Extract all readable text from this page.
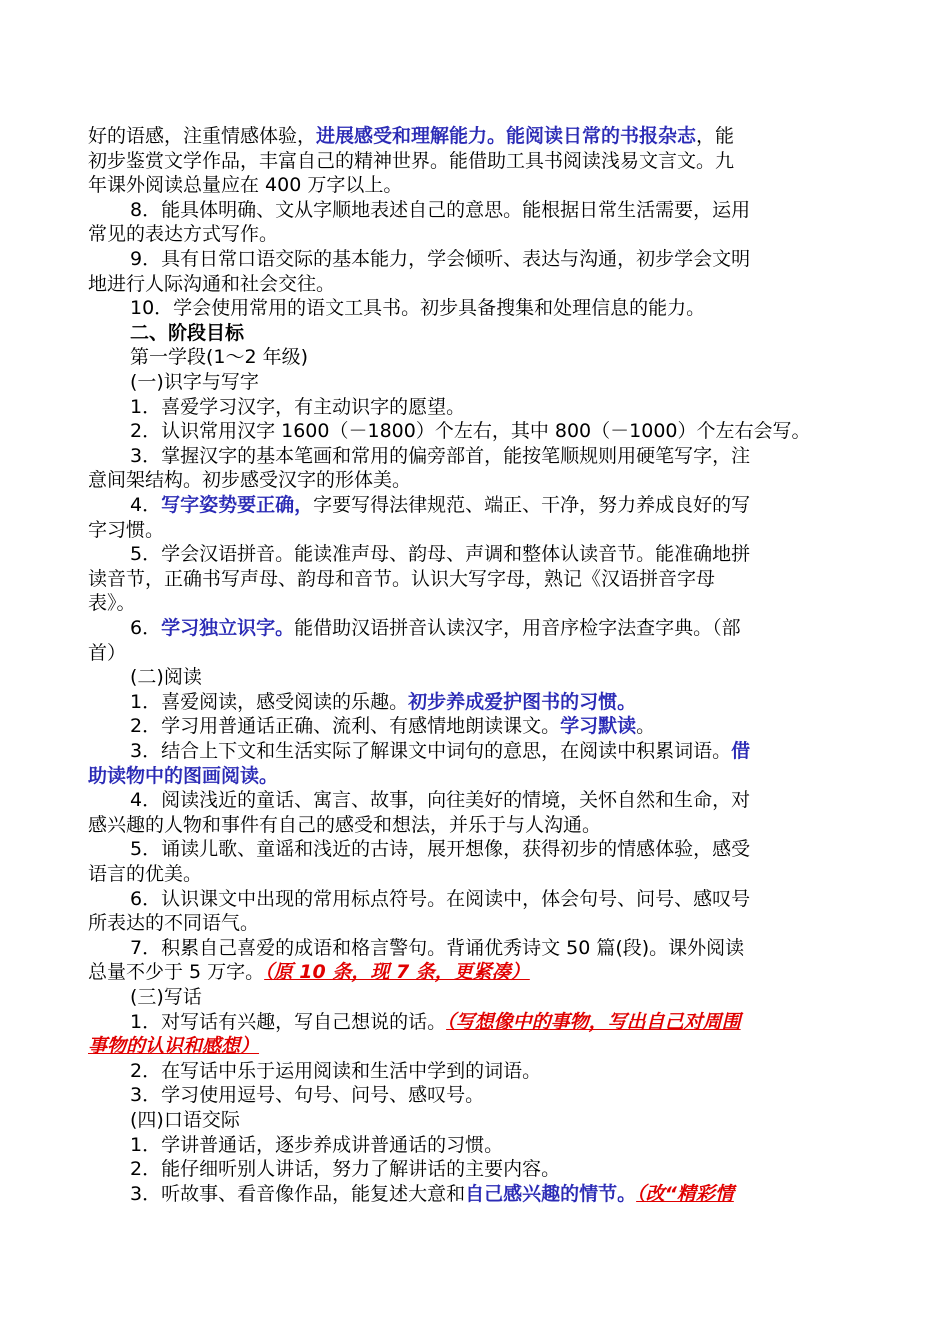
好的语感，注重情感体验，进展感受和理解能力。能阅读日常的书报杂志，能
初步鉴赏文学作品，丰富自己的精神世界。能借助工具书阅读浅易文言文。九
年课外阅读总量应在 400 万字以上。
8．能具体明确、文从字顺地表述自己的意思。能根据日常生活需要，运用
常见的表达方式写作。
9．具有日常口语交际的基本能力，学会倾听、表达与沟通，初步学会文明
地进行人际沟通和社会交往。
10．学会使用常用的语文工具书。初步具备搜集和处理信息的能力。
二、阶段目标
第一学段(1～2 年级)
(一)识字与写字
1．喜爱学习汉字，有主动识字的愿望。
2．认识常用汉字 1600（－1800）个左右，其中 800（－1000）个左右会写。
3．掌握汉字的基本笔画和常用的偏旁部首，能按笔顺规则用硬笔写字，注
意间架结构。初步感受汉字的形体美。
4．写字姿势要正确，字要写得法律规范、端正、干净，努力养成良好的写
字习惯。
5．学会汉语拼音。能读准声母、韵母、声调和整体认读音节。能准确地拼
读音节，正确书写声母、韵母和音节。认识大写字母，熟记《汉语拼音字母
表》。
6．学习独立识字。能借助汉语拼音认读汉字，用音序检字法查字典。（部
首）
(二)阅读
1．喜爱阅读，感受阅读的乐趣。初步养成爱护图书的习惯。
2．学习用普通话正确、流利、有感情地朗读课文。学习默读。
3．结合上下文和生活实际了解课文中词句的意思，在阅读中积累词语。借
助读物中的图画阅读。
4．阅读浅近的童话、寓言、故事，向往美好的情境，关怀自然和生命，对
感兴趣的人物和事件有自己的感受和想法，并乐于与人沟通。
5．诵读儿歌、童谣和浅近的古诗，展开想像，获得初步的情感体验，感受
语言的优美。
6．认识课文中出现的常用标点符号。在阅读中，体会句号、问号、感叹号
所表达的不同语气。
7．积累自己喜爱的成语和格言警句。背诵优秀诗文 50 篇(段)。课外阅读
总量不少于 5 万字。（原 10 条，现 7 条，更紧凑）
(三)写话
1．对写话有兴趣，写自己想说的话。（写想像中的事物，写出自己对周围
事物的认识和感想）
2．在写话中乐于运用阅读和生活中学到的词语。
3．学习使用逗号、句号、问号、感叹号。
(四)口语交际
1．学讲普通话，逐步养成讲普通话的习惯。
2．能仔细听别人讲话，努力了解讲话的主要内容。
3．听故事、看音像作品，能复述大意和自己感兴趣的情节。（改“精彩情
